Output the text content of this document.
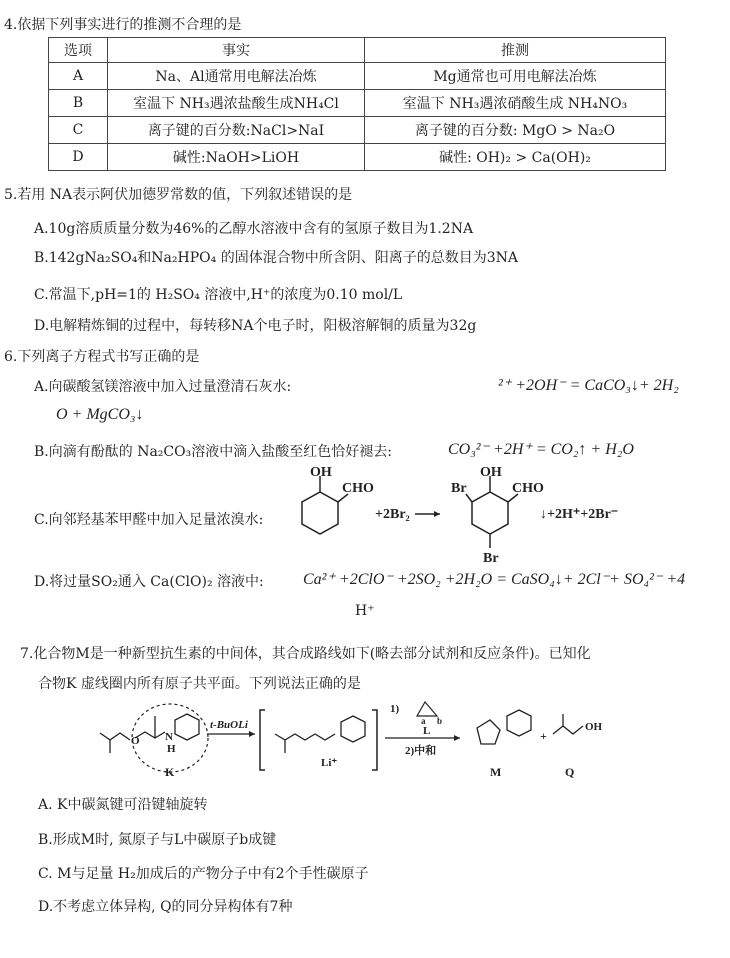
4.依据下列事实进行的推测不合理的是
选项	事实	推测
A	Na、Al通常用电解法冶炼	Mg通常也可用电解法冶炼
B	室温下 NH₃遇浓盐酸生成NH₄Cl	室温下 NH₃遇浓硝酸生成 NH₄NO₃
C	离子键的百分数:NaCl>NaI	离子键的百分数: MgO > Na₂O
D	碱性:NaOH>LiOH	碱性: OH)₂ > Ca(OH)₂
5.若用 NA表示阿伏加德罗常数的值，下列叙述错误的是
A.10g溶质质量分数为46%的乙醇水溶液中含有的氢原子数目为1.2NA
B.142gNa₂SO₄和Na₂HPO₄ 的固体混合物中所含阴、阳离子的总数目为3NA
C.常温下,pH=1的 H₂SO₄ 溶液中,H⁺的浓度为0.10 mol/L
D.电解精炼铜的过程中，每转移NA个电子时，阳极溶解铜的质量为32g
6.下列离子方程式书写正确的是
A.向碳酸氢镁溶液中加入过量澄清石灰水:	²⁺ +2OH⁻ = CaCO₃↓+ 2H₂
O + MgCO₃↓
B.向滴有酚酞的 Na₂CO₃溶液中滴入盐酸至红色恰好褪去:	CO₃²⁻ +2H⁺ = CO₂↑ + H₂O
C.向邻羟基苯甲醛中加入足量浓溴水:
OH
CHO
+2Br₂
OH
CHO
Br
Br
↓+2H⁺+2Br⁻
D.将过量SO₂通入 Ca(ClO)₂ 溶液中: Ca²⁺ +2ClO⁻ +2SO₂ +2H₂O = CaSO₄↓+ 2Cl⁻+ SO₄²⁻ +4
H⁺
7.化合物M是一种新型抗生素的中间体，其合成路线如下(略去部分试剂和反应条件)。已知化
合物K 虚线圈内所有原子共平面。下列说法正确的是
O N
H
K
t-BuOLi
Li⁺
1)
a b
L
2)中和
M
+
OH
Q
A. K中碳氮键可沿键轴旋转
B.形成M时, 氮原子与L中碳原子b成键
C. M与足量 H₂加成后的产物分子中有2个手性碳原子
D.不考虑立体异构, Q的同分异构体有7种
